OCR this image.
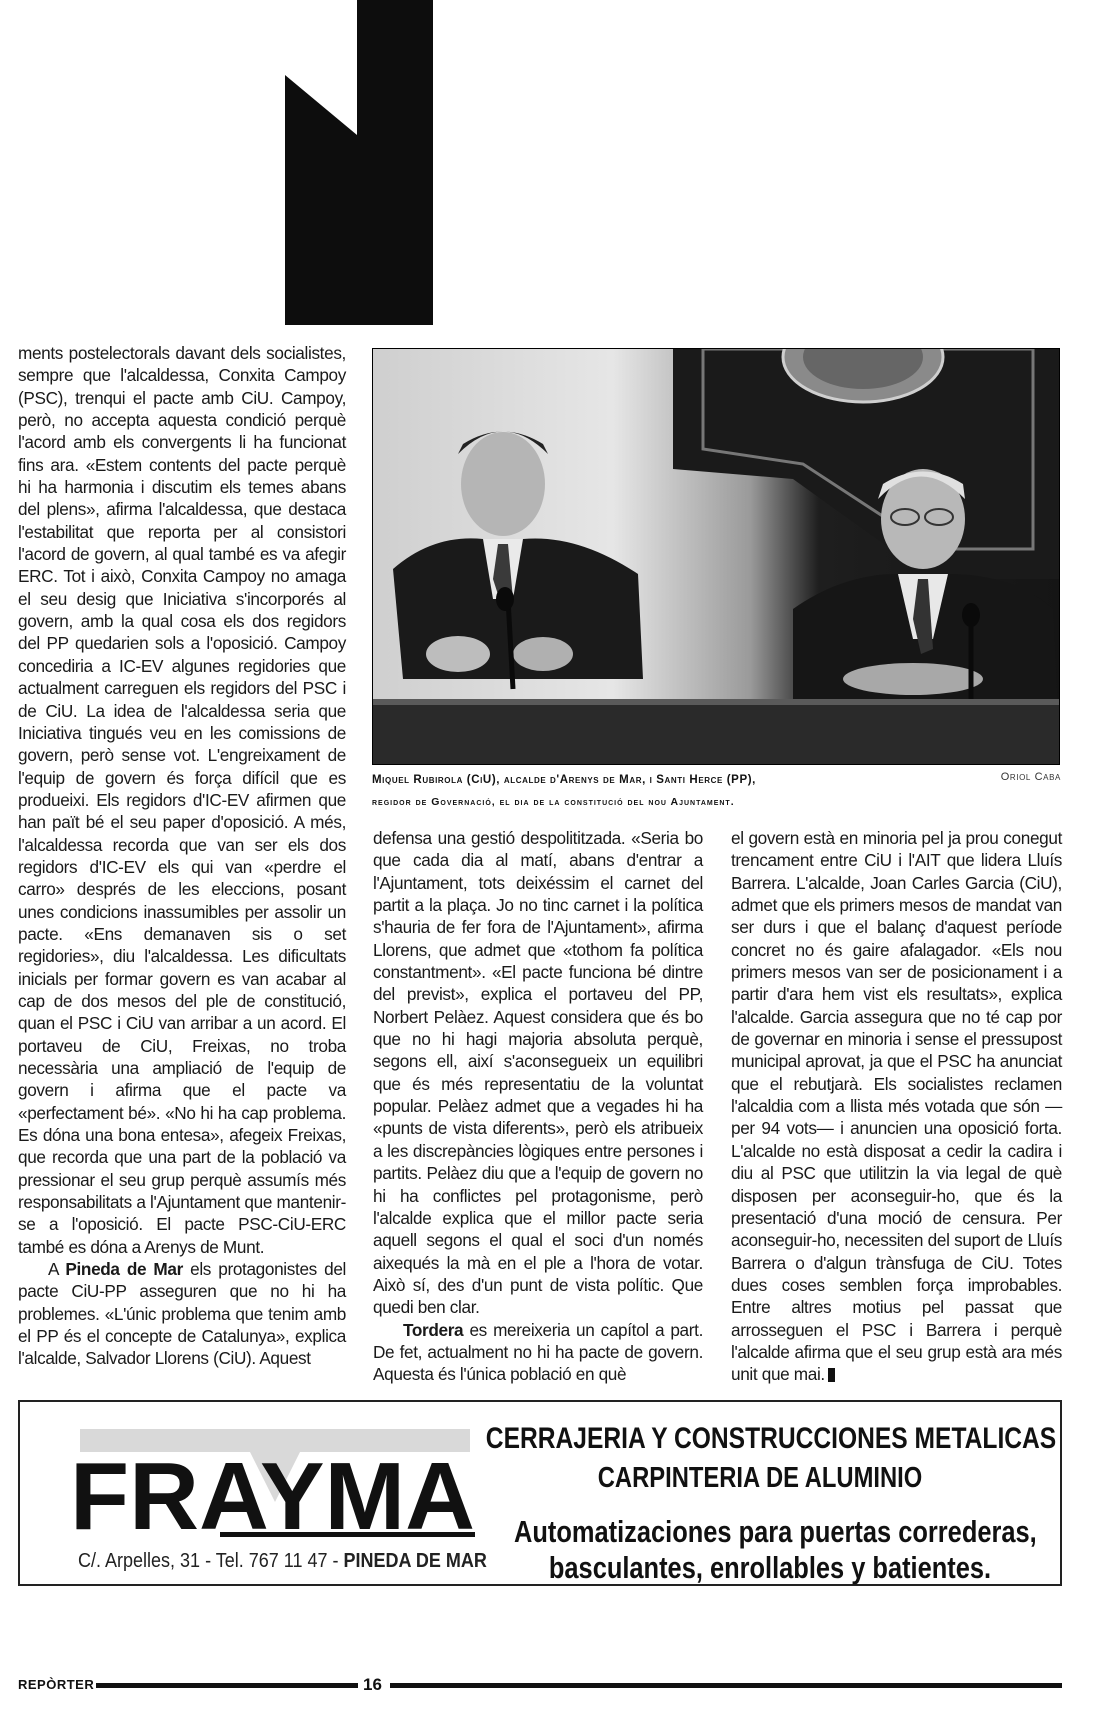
ments postelectorals davant dels socialistes, sempre que l'alcaldessa, Conxita Campoy (PSC), trenqui el pacte amb CiU. Campoy, però, no accepta aquesta condició perquè l'acord amb els convergents li ha funcionat fins ara. «Estem contents del pacte perquè hi ha harmonia i discutim els temes abans del plens», afirma l'alcaldessa, que destaca l'estabilitat que reporta per al consistori l'acord de govern, al qual també es va afegir ERC. Tot i això, Conxita Campoy no amaga el seu desig que Iniciativa s'incorporés al govern, amb la qual cosa els dos regidors del PP quedarien sols a l'oposició. Campoy concediria a IC-EV algunes regidories que actualment carreguen els regidors del PSC i de CiU. La idea de l'alcaldessa seria que Iniciativa tingués veu en les comissions de govern, però sense vot. L'engreixament de l'equip de govern és força difícil que es produeixi. Els regidors d'IC-EV afirmen que han paït bé el seu paper d'oposició. A més, l'alcaldessa recorda que van ser els dos regidors d'IC-EV els qui van «perdre el carro» després de les eleccions, posant unes condicions inassumibles per assolir un pacte. «Ens demanaven sis o set regidories», diu l'alcaldessa. Les dificultats inicials per formar govern es van acabar al cap de dos mesos del ple de constitució, quan el PSC i CiU van arribar a un acord. El portaveu de CiU, Freixas, no troba necessària una ampliació de l'equip de govern i afirma que el pacte va «perfectament bé». «No hi ha cap problema. Es dóna una bona entesa», afegeix Freixas, que recorda que una part de la població va pressionar el seu grup perquè assumís més responsabilitats a l'Ajuntament que mantenir-se a l'oposició. El pacte PSC-CiU-ERC també es dóna a Arenys de Munt.

A Pineda de Mar els protagonistes del pacte CiU-PP asseguren que no hi ha problemes. «L'únic problema que tenim amb el PP és el concepte de Catalunya», explica l'alcalde, Salvador Llorens (CiU). Aquest

Miquel Rubirola (CiU), alcalde d'Arenys de Mar, i Santi Herce (PP),
regidor de Governació, el dia de la constitució del nou Ajuntament.
Oriol Caba

defensa una gestió despolititzada. «Seria bo que cada dia al matí, abans d'entrar a l'Ajuntament, tots deixéssim el carnet del partit a la plaça. Jo no tinc carnet i la política s'hauria de fer fora de l'Ajuntament», afirma Llorens, que admet que «tothom fa política constantment». «El pacte funciona bé dintre del previst», explica el portaveu del PP, Norbert Pelàez. Aquest considera que és bo que no hi hagi majoria absoluta perquè, segons ell, així s'aconsegueix un equilibri que és més representatiu de la voluntat popular. Pelàez admet que a vegades hi ha «punts de vista diferents», però els atribueix a les discrepàncies lògiques entre persones i partits. Pelàez diu que a l'equip de govern no hi ha conflictes pel protagonisme, però l'alcalde explica que el millor pacte seria aquell segons el qual el soci d'un només aixequés la mà en el ple a l'hora de votar. Això sí, des d'un punt de vista polític. Que quedi ben clar.

Tordera es mereixeria un capítol a part. De fet, actualment no hi ha pacte de govern. Aquesta és l'única població en què

el govern està en minoria pel ja prou conegut trencament entre CiU i l'AIT que lidera Lluís Barrera. L'alcalde, Joan Carles Garcia (CiU), admet que els primers mesos de mandat van ser durs i que el balanç d'aquest període concret no és gaire afalagador. «Els nou primers mesos van ser de posicionament i a partir d'ara hem vist els resultats», explica l'alcalde. Garcia assegura que no té cap por de governar en minoria i sense el pressupost municipal aprovat, ja que el PSC ha anunciat que el rebutjarà. Els socialistes reclamen l'alcaldia com a llista més votada que són —per 94 vots— i anuncien una oposició forta. L'alcalde no està disposat a cedir la cadira i diu al PSC que utilitzin la via legal de què disposen per aconseguir-ho, que és la presentació d'una moció de censura. Per aconseguir-ho, necessiten del suport de Lluís Barrera o d'algun trànsfuga de CiU. Totes dues coses semblen força improbables. Entre altres motius pel passat que arrosseguen el PSC i Barrera i perquè l'alcalde afirma que el seu grup està ara més unit que mai.

FRAYMA
CERRAJERIA Y CONSTRUCCIONES METALICAS
CARPINTERIA DE ALUMINIO
Automatizaciones para puertas correderas,
basculantes, enrollables y batientes.
C/. Arpelles, 31 - Tel. 767 11 47 - PINEDA DE MAR
REPÒRTER	16
